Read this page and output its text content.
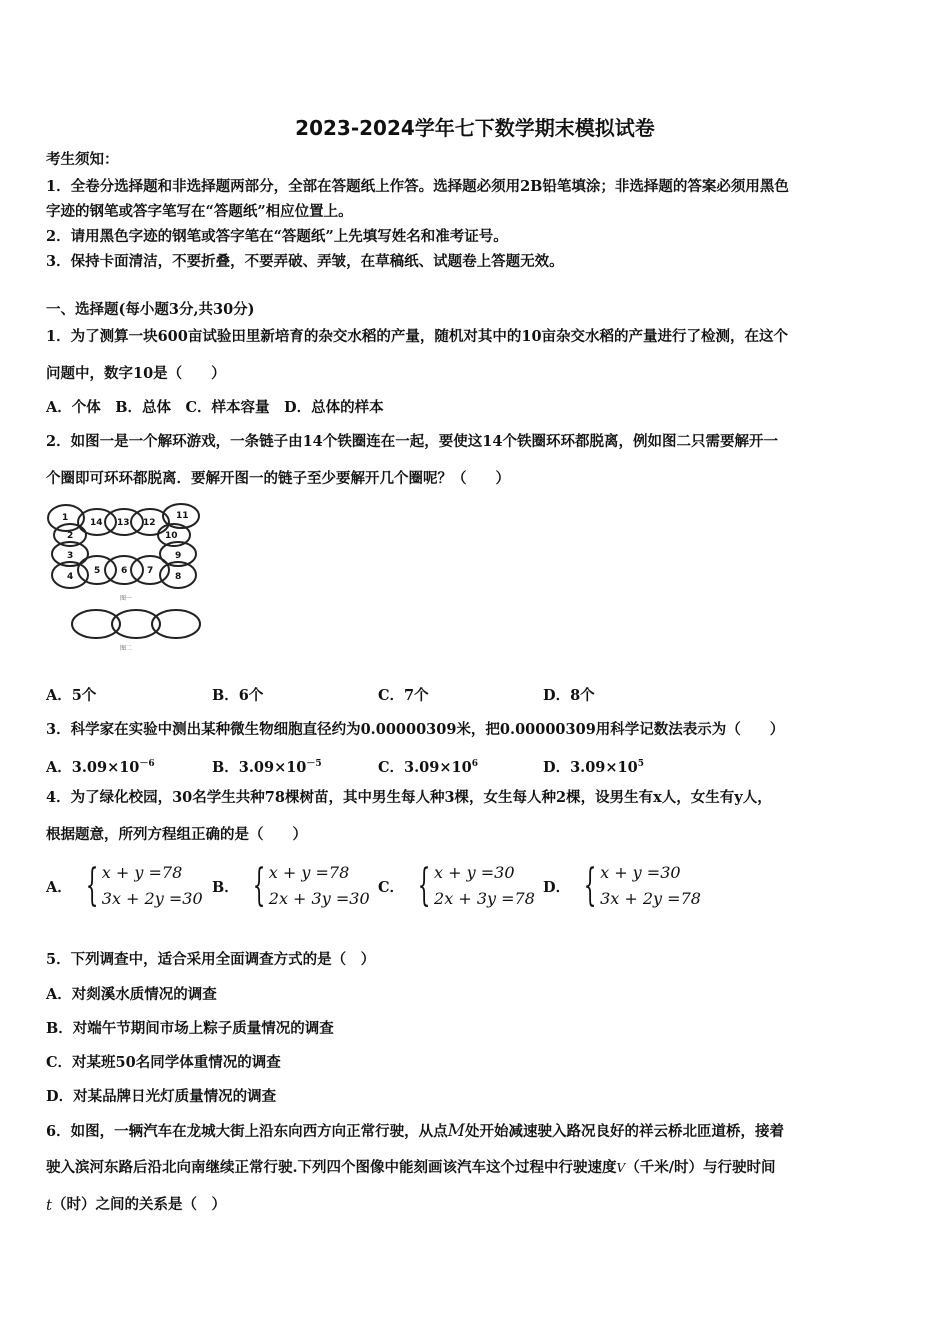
2023-2024学年七下数学期末模拟试卷
考生须知：
1．全卷分选择题和非选择题两部分，全部在答题纸上作答。选择题必须用2B铅笔填涂；非选择题的答案必须用黑色
字迹的钢笔或答字笔写在“答题纸”相应位置上。
2．请用黑色字迹的钢笔或答字笔在“答题纸”上先填写姓名和准考证号。
3．保持卡面清洁，不要折叠，不要弄破、弄皱，在草稿纸、试题卷上答题无效。
一、选择题(每小题3分,共30分)
1．为了测算一块600亩试验田里新培育的杂交水稻的产量，随机对其中的10亩杂交水稻的产量进行了检测，在这个
问题中，数字10是（　　）
A．个体　B．总体　C．样本容量　D．总体的样本
2．如图一是一个解环游戏，一条链子由14个铁圈连在一起，要使这14个铁圈环环都脱离，例如图二只需要解开一
个圈即可环环都脱离．要解开图一的链子至少要解开几个圈呢？（　　）
1 14 13 12
11
2	10
3	9
4
5 6 7
8
图一
图二
A．5个	B．6个	C．7个	D．8个
3．科学家在实验中测出某种微生物细胞直径约为0.00000309米，把0.00000309用科学记数法表示为（　　）
A．$3.09\times 10^{-6}$	B．$3.09\times 10^{-5}$	C．$3.09\times 10^6$	D．$3.09\times 10^5$
4．为了绿化校园，30名学生共种78棵树苗，其中男生每人种3棵，女生每人种2棵，设男生有x人，女生有y人，
根据题意，所列方程组正确的是（　　）
A． { x + y =78
3x + 2y =30
B． { x + y =78
2x + 3y =30
C． { x + y =30
2x + 3y =78
D． { x + y =30
3x + 2y =78
5．下列调查中，适合采用全面调查方式的是（　）
A．对剡溪水质情况的调查
B．对端午节期间市场上粽子质量情况的调查
C．对某班50名同学体重情况的调查
D．对某品牌日光灯质量情况的调查
6．如图，一辆汽车在龙城大街上沿东向西方向正常行驶，从点M处开始减速驶入路况良好的祥云桥北匝道桥，接着
驶入滨河东路后沿北向南继续正常行驶.下列四个图像中能刻画该汽车这个过程中行驶速度$^V$（千米/时）与行驶时间
t（时）之间的关系是（　）
